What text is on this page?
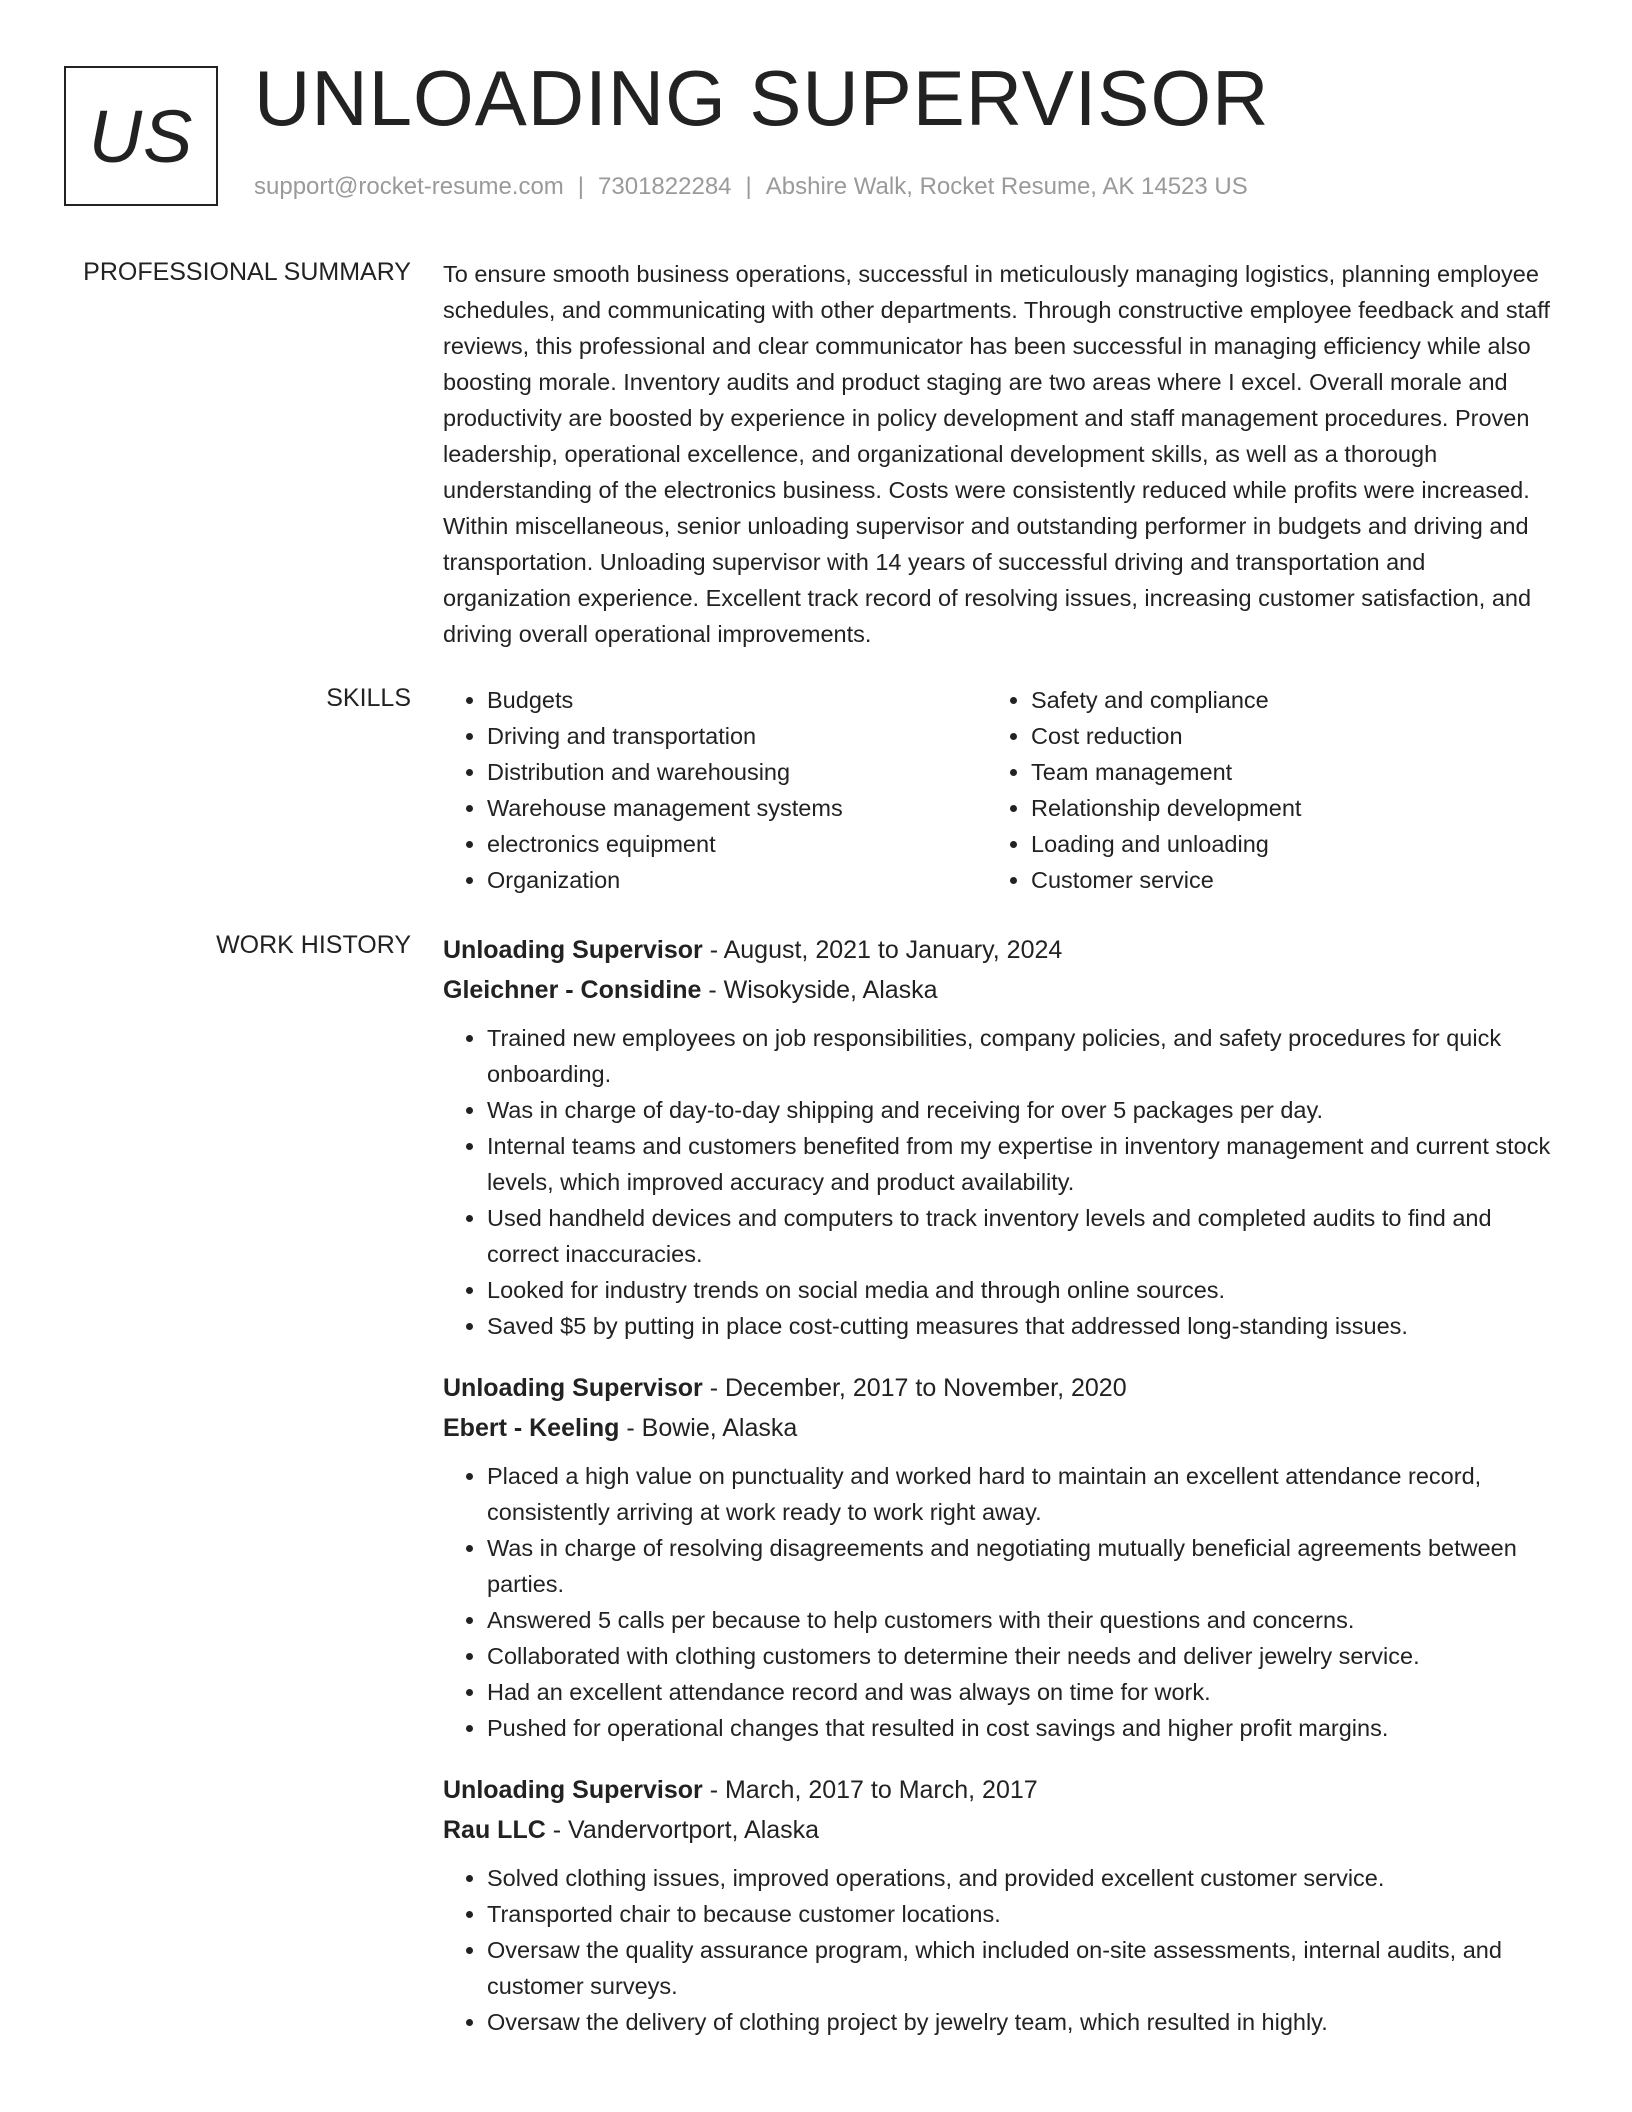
US UNLOADING SUPERVISOR
support@rocket-resume.com | 7301822284 | Abshire Walk, Rocket Resume, AK 14523 US
PROFESSIONAL SUMMARY To ensure smooth business operations, successful in meticulously managing logistics, planning employee schedules, and communicating with other departments. Through constructive employee feedback and staff reviews, this professional and clear communicator has been successful in managing efficiency while also boosting morale. Inventory audits and product staging are two areas where I excel. Overall morale and productivity are boosted by experience in policy development and staff management procedures. Proven leadership, operational excellence, and organizational development skills, as well as a thorough understanding of the electronics business. Costs were consistently reduced while profits were increased. Within miscellaneous, senior unloading supervisor and outstanding performer in budgets and driving and transportation. Unloading supervisor with 14 years of successful driving and transportation and organization experience. Excellent track record of resolving issues, increasing customer satisfaction, and driving overall operational improvements.

SKILLS
•	Budgets
• Driving and transportation
• Distribution and warehousing
• Warehouse management systems
• electronics equipment
• Organization
• Safety and compliance
• Cost reduction
• Team management
• Relationship development
• Loading and unloading
• Customer service
WORK HISTORY Unloading Supervisor - August, 2021 to January, 2024
Gleichner - Considine - Wisokyside, Alaska
• Trained new employees on job responsibilities, company policies, and safety procedures for quick onboarding.
• Was in charge of day-to-day shipping and receiving for over 5 packages per day.
• Internal teams and customers benefited from my expertise in inventory management and current stock levels, which improved accuracy and product availability.
• Used handheld devices and computers to track inventory levels and completed audits to find and correct inaccuracies.
• Looked for industry trends on social media and through online sources.
• Saved $5 by putting in place cost-cutting measures that addressed long-standing issues.
Unloading Supervisor - December, 2017 to November, 2020
Ebert - Keeling - Bowie, Alaska
• Placed a high value on punctuality and worked hard to maintain an excellent attendance record, consistently arriving at work ready to work right away.
• Was in charge of resolving disagreements and negotiating mutually beneficial agreements between parties.
• Answered 5 calls per because to help customers with their questions and concerns.
• Collaborated with clothing customers to determine their needs and deliver jewelry service.
• Had an excellent attendance record and was always on time for work.
• Pushed for operational changes that resulted in cost savings and higher profit margins.
Unloading Supervisor - March, 2017 to March, 2017
Rau LLC - Vandervortport, Alaska
• Solved clothing issues, improved operations, and provided excellent customer service.
• Transported chair to because customer locations.
• Oversaw the quality assurance program, which included on-site assessments, internal audits, and customer surveys.
• Oversaw the delivery of clothing project by jewelry team, which resulted in highly.
